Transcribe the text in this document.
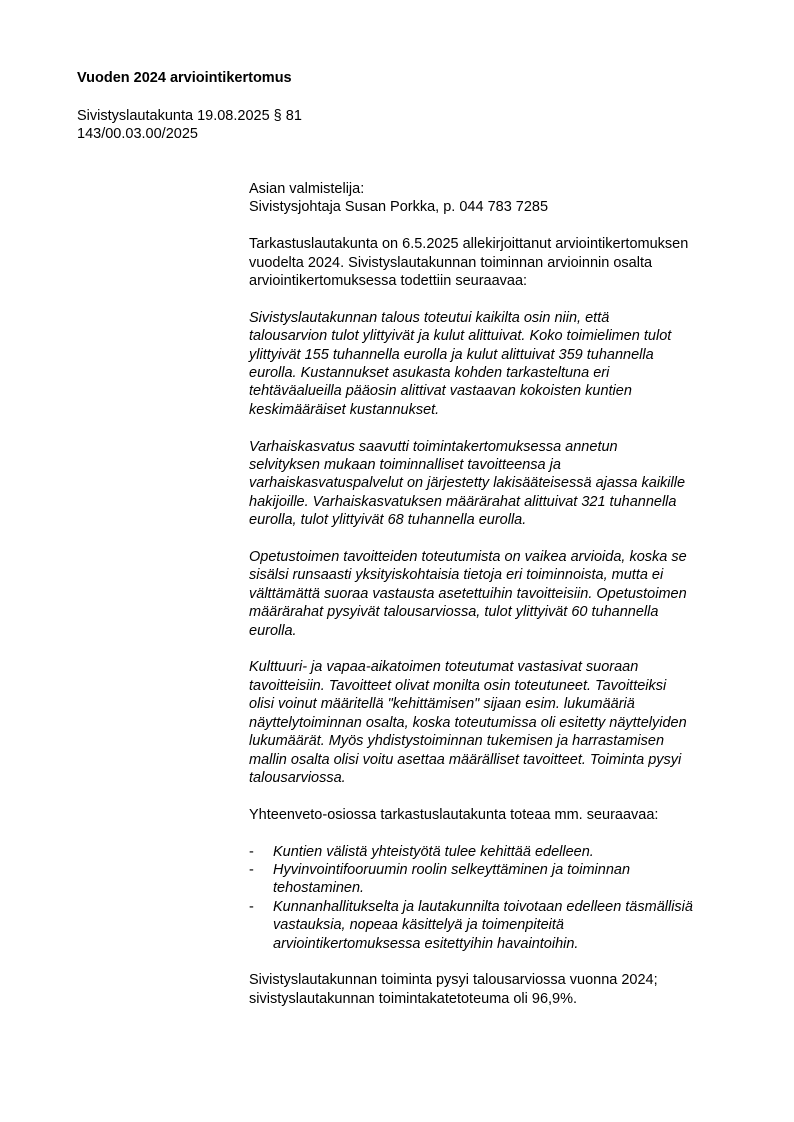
Vuoden 2024 arviointikertomus
Sivistyslautakunta 19.08.2025 § 81
143/00.03.00/2025
Asian valmistelija:
Sivistysjohtaja Susan Porkka, p. 044 783 7285
Tarkastuslautakunta on 6.5.2025 allekirjoittanut arviointikertomuksen
vuodelta 2024. Sivistyslautakunnan toiminnan arvioinnin osalta
arviointikertomuksessa todettiin seuraavaa:
Sivistyslautakunnan talous toteutui kaikilta osin niin, että
talousarvion tulot ylittyivät ja kulut alittuivat. Koko toimielimen tulot
ylittyivät 155 tuhannella eurolla ja kulut alittuivat 359 tuhannella
eurolla. Kustannukset asukasta kohden tarkasteltuna eri
tehtäväalueilla pääosin alittivat vastaavan kokoisten kuntien
keskimääräiset kustannukset.
Varhaiskasvatus saavutti toimintakertomuksessa annetun
selvityksen mukaan toiminnalliset tavoitteensa ja
varhaiskasvatuspalvelut on järjestetty lakisääteisessä ajassa kaikille
hakijoille. Varhaiskasvatuksen määrärahat alittuivat 321 tuhannella
eurolla, tulot ylittyivät 68 tuhannella eurolla.
Opetustoimen tavoitteiden toteutumista on vaikea arvioida, koska se
sisälsi runsaasti yksityiskohtaisia tietoja eri toiminnoista, mutta ei
välttämättä suoraa vastausta asetettuihin tavoitteisiin. Opetustoimen
määrärahat pysyivät talousarviossa, tulot ylittyivät 60 tuhannella
eurolla.
Kulttuuri- ja vapaa-aikatoimen toteutumat vastasivat suoraan
tavoitteisiin. Tavoitteet olivat monilta osin toteutuneet. Tavoitteiksi
olisi voinut määritellä "kehittämisen" sijaan esim. lukumääriä
näyttelytoiminnan osalta, koska toteutumissa oli esitetty näyttelyiden
lukumäärät. Myös yhdistystoiminnan tukemisen ja harrastamisen
mallin osalta olisi voitu asettaa määrälliset tavoitteet. Toiminta pysyi
talousarviossa.
Yhteenveto-osiossa tarkastuslautakunta toteaa mm. seuraavaa:
- Kuntien välistä yhteistyötä tulee kehittää edelleen.
- Hyvinvointifooruumin roolin selkeyttäminen ja toiminnan
tehostaminen.
- Kunnanhallitukselta ja lautakunnilta toivotaan edelleen täsmällisiä
vastauksia, nopeaa käsittelyä ja toimenpiteitä
arviointikertomuksessa esitettyihin havaintoihin.
Sivistyslautakunnan toiminta pysyi talousarviossa vuonna 2024;
sivistyslautakunnan toimintakatetoteuma oli 96,9%.
